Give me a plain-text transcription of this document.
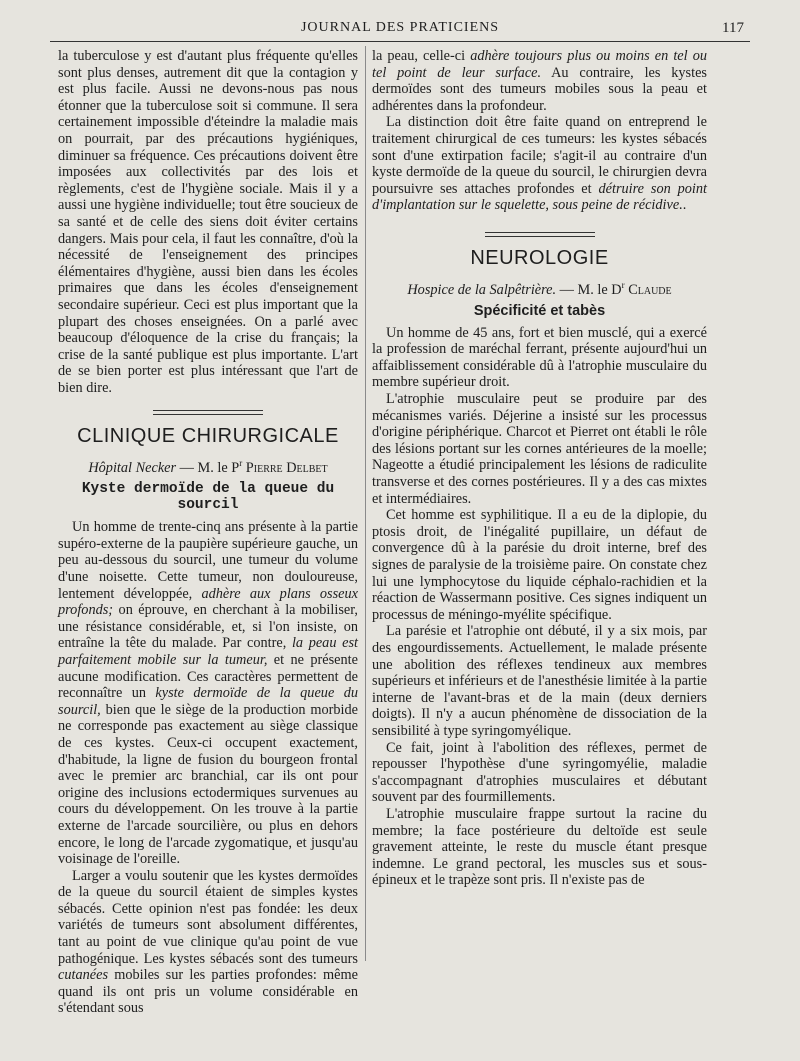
JOURNAL DES PRATICIENS	117

la tuberculose y est d'autant plus fréquente qu'elles sont plus denses, autrement dit que la contagion y est plus facile. Aussi ne devons-nous pas nous étonner que la tuberculose soit si commune. Il sera certainement impossible d'éteindre la maladie mais on pourrait, par des précautions hygiéniques, diminuer sa fréquence. Ces précautions doivent être imposées aux collectivités par des lois et règlements, c'est de l'hygiène sociale. Mais il y a aussi une hygiène individuelle; tout être soucieux de sa santé et de celle des siens doit éviter certains dangers. Mais pour cela, il faut les connaître, d'où la nécessité de l'enseignement des principes élémentaires d'hygiène, aussi bien dans les écoles primaires que dans les écoles d'enseignement secondaire supérieur. Ceci est plus important que la plupart des choses enseignées. On a parlé avec beaucoup d'éloquence de la crise du français; la crise de la santé publique est plus importante. L'art de se bien porter est plus intéressant que l'art de bien dire.

CLINIQUE CHIRURGICALE
Hôpital Necker — M. le $P^r$ Pierre Delbet
Kyste dermoïde de la queue du sourcil

Un homme de trente-cinq ans présente à la partie supéro-externe de la paupière supérieure gauche, un peu au-dessous du sourcil, une tumeur du volume d'une noisette. Cette tumeur, non douloureuse, lentement développée, adhère aux plans osseux profonds; on éprouve, en cherchant à la mobiliser, une résistance considérable, et, si l'on insiste, on entraîne la tête du malade. Par contre, la peau est parfaitement mobile sur la tumeur, et ne présente aucune modification. Ces caractères permettent de reconnaître un kyste dermoïde de la queue du sourcil, bien que le siège de la production morbide ne corresponde pas exactement au siège classique de ces kystes. Ceux-ci occupent exactement, d'habitude, la ligne de fusion du bourgeon frontal avec le premier arc branchial, car ils ont pour origine des inclusions ectodermiques survenues au cours du développement. On les trouve à la partie externe de l'arcade sourcilière, ou plus en dehors encore, le long de l'arcade zygomatique, et jusqu'au voisinage de l'oreille.

Larger a voulu soutenir que les kystes dermoïdes de la queue du sourcil étaient de simples kystes sébacés. Cette opinion n'est pas fondée: les deux variétés de tumeurs sont absolument différentes, tant au point de vue clinique qu'au point de vue pathogénique. Les kystes sébacés sont des tumeurs cutanées mobiles sur les parties profondes: même quand ils ont pris un volume considérable en s'étendant sous

la peau, celle-ci adhère toujours plus ou moins en tel ou tel point de leur surface. Au contraire, les kystes dermoïdes sont des tumeurs mobiles sous la peau et adhérentes dans la profondeur.

La distinction doit être faite quand on entreprend le traitement chirurgical de ces tumeurs: les kystes sébacés sont d'une extirpation facile; s'agit-il au contraire d'un kyste dermoïde de la queue du sourcil, le chirurgien devra poursuivre ses attaches profondes et détruire son point d'implantation sur le squelette, sous peine de récidive..

NEUROLOGIE
Hospice de la Salpêtrière. — M. le $D^r$ Claude
Spécificité et tabès

Un homme de 45 ans, fort et bien musclé, qui a exercé la profession de maréchal ferrant, présente aujourd'hui un affaiblissement considérable dû à l'atrophie musculaire du membre supérieur droit.

L'atrophie musculaire peut se produire par des mécanismes variés. Déjerine a insisté sur les processus d'origine périphérique. Charcot et Pierret ont établi le rôle des lésions portant sur les cornes antérieures de la moelle; Nageotte a étudié principalement les lésions de radiculite transverse et des cornes postérieures. Il y a des cas mixtes et intermédiaires.

Cet homme est syphilitique. Il a eu de la diplopie, du ptosis droit, de l'inégalité pupillaire, un défaut de convergence dû à la parésie du droit interne, bref des signes de paralysie de la troisième paire. On constate chez lui une lymphocytose du liquide céphalo-rachidien et la réaction de Wassermann positive. Ces signes indiquent un processus de méningo-myélite spécifique.

La parésie et l'atrophie ont débuté, il y a six mois, par des engourdissements. Actuellement, le malade présente une abolition des réflexes tendineux aux membres supérieurs et inférieurs et de l'anesthésie limitée à la partie interne de l'avant-bras et de la main (deux derniers doigts). Il n'y a aucun phénomène de dissociation de la sensibilité à type syringomyélique.

Ce fait, joint à l'abolition des réflexes, permet de repousser l'hypothèse d'une syringomyélie, maladie s'accompagnant d'atrophies musculaires et débutant souvent par des fourmillements.

L'atrophie musculaire frappe surtout la racine du membre; la face postérieure du deltoïde est seule gravement atteinte, le reste du muscle étant presque indemne. Le grand pectoral, les muscles sus et sous-épineux et le trapèze sont pris. Il n'existe pas de
